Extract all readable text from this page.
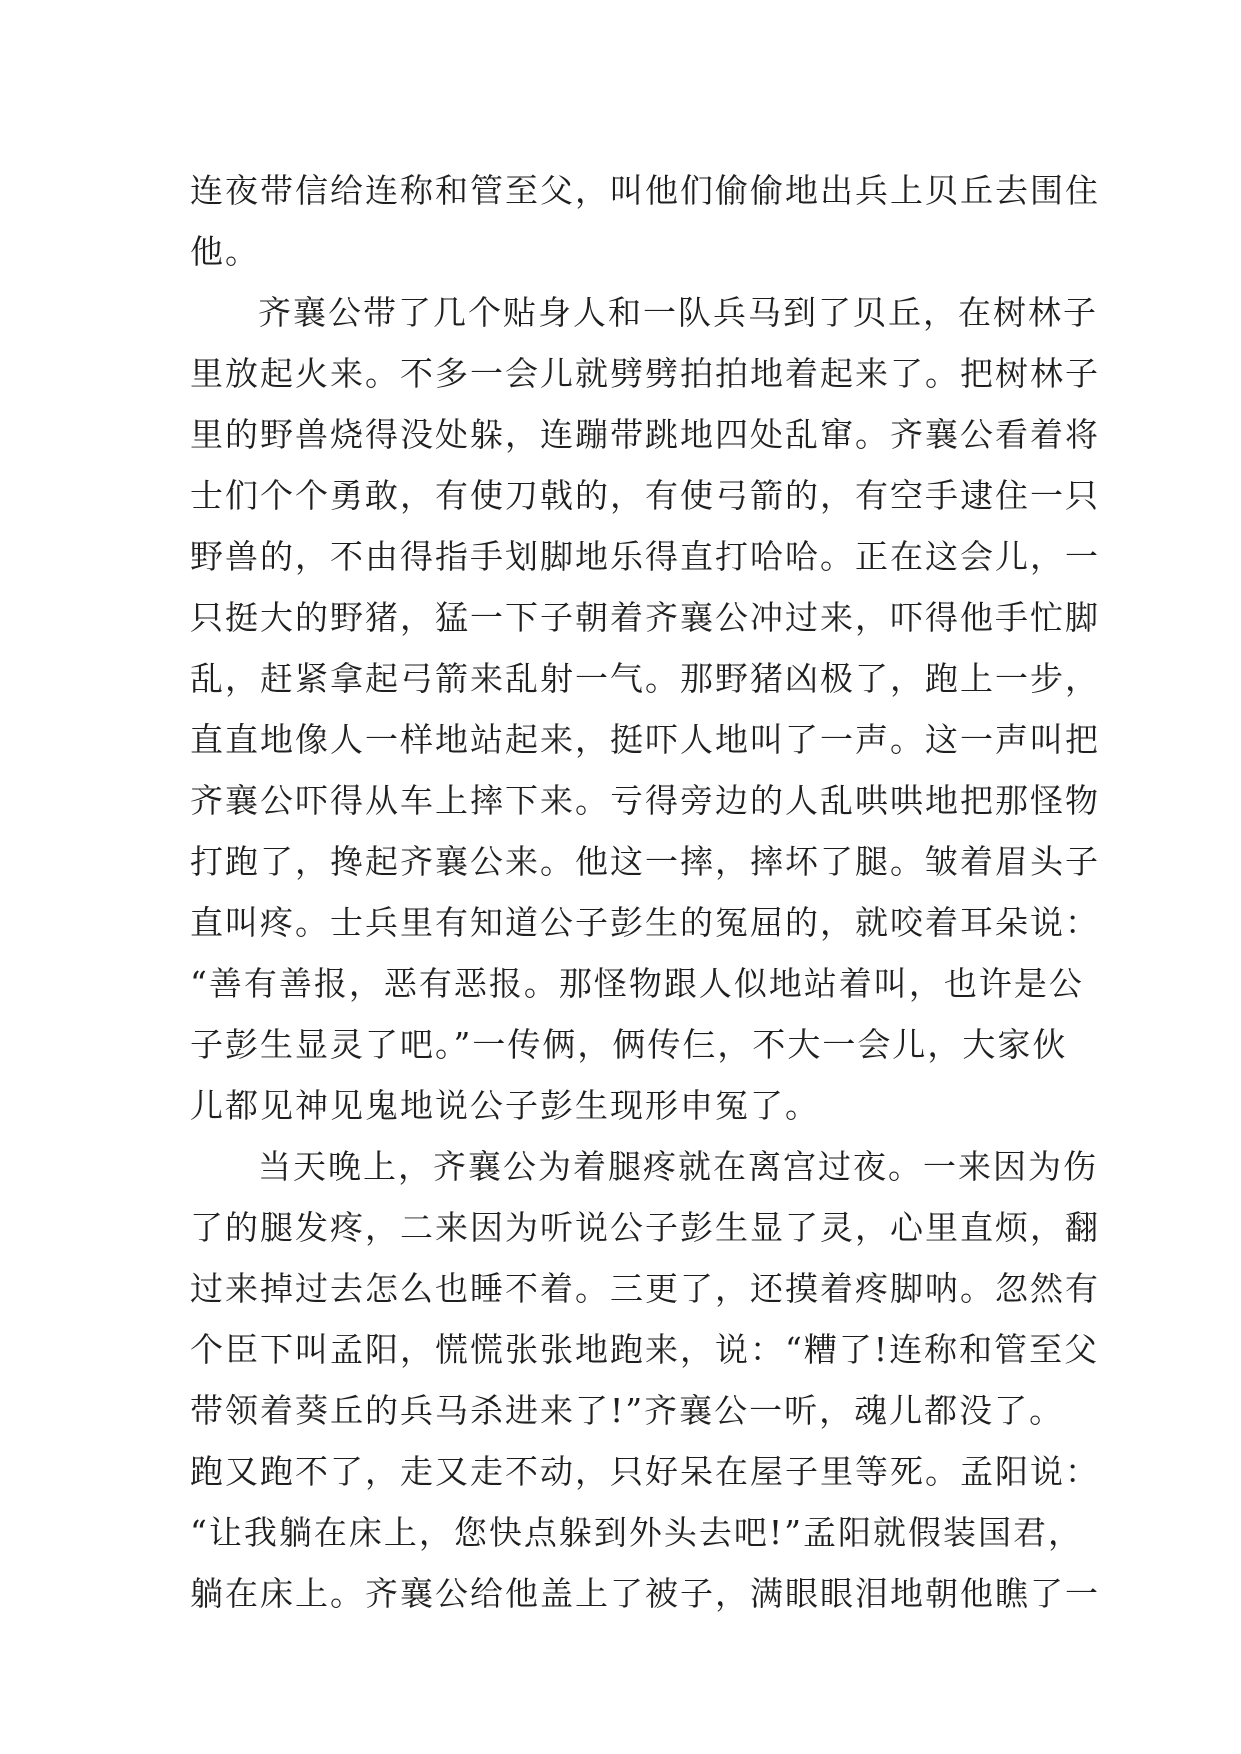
连夜带信给连称和管至父，叫他们偷偷地出兵上贝丘去围住
他。
齐襄公带了几个贴身人和一队兵马到了贝丘，在树林子
里放起火来。不多一会儿就劈劈拍拍地着起来了。把树林子
里的野兽烧得没处躲，连蹦带跳地四处乱窜。齐襄公看着将
士们个个勇敢，有使刀戟的，有使弓箭的，有空手逮住一只
野兽的，不由得指手划脚地乐得直打哈哈。正在这会儿，一
只挺大的野猪，猛一下子朝着齐襄公冲过来，吓得他手忙脚
乱，赶紧拿起弓箭来乱射一气。那野猪凶极了，跑上一步，
直直地像人一样地站起来，挺吓人地叫了一声。这一声叫把
齐襄公吓得从车上摔下来。亏得旁边的人乱哄哄地把那怪物
打跑了，搀起齐襄公来。他这一摔，摔坏了腿。皱着眉头子
直叫疼。士兵里有知道公子彭生的冤屈的，就咬着耳朵说：
“善有善报，恶有恶报。那怪物跟人似地站着叫，也许是公
子彭生显灵了吧。”一传俩，俩传仨，不大一会儿，大家伙
儿都见神见鬼地说公子彭生现形申冤了。
当天晚上，齐襄公为着腿疼就在离宫过夜。一来因为伤
了的腿发疼，二来因为听说公子彭生显了灵，心里直烦，翻
过来掉过去怎么也睡不着。三更了，还摸着疼脚呐。忽然有
个臣下叫孟阳，慌慌张张地跑来，说：“糟了!连称和管至父
带领着葵丘的兵马杀进来了!”齐襄公一听，魂儿都没了。
跑又跑不了，走又走不动，只好呆在屋子里等死。孟阳说：
“让我躺在床上，您快点躲到外头去吧!”孟阳就假装国君，
躺在床上。齐襄公给他盖上了被子，满眼眼泪地朝他瞧了一
